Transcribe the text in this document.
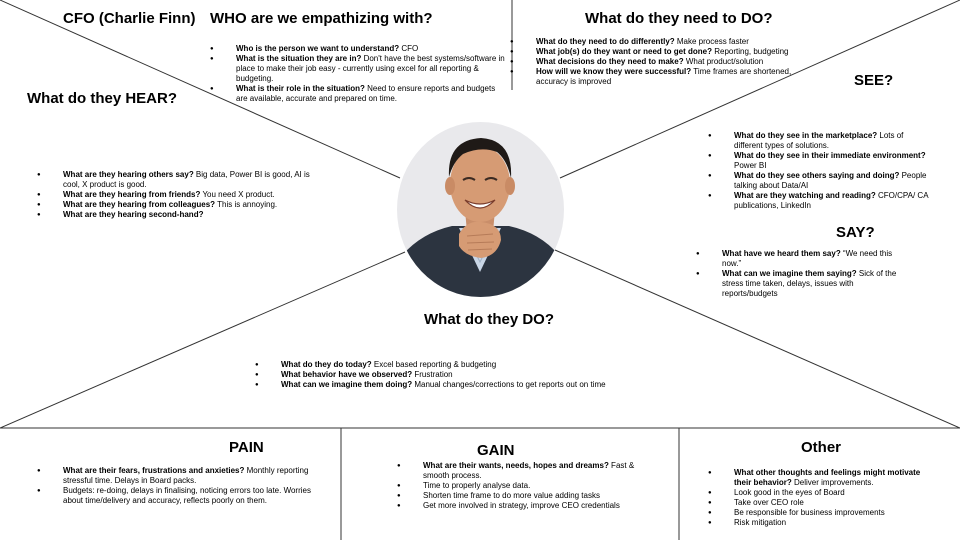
CFO (Charlie Finn) WHO are we empathizing with?
● Who is the person we want to understand? CFO
● What is the situation they are in? Don't have the best systems/software in place to make their job easy - currently using excel for all reporting & budgeting.
● What is their role in the situation? Need to ensure reports and budgets are available, accurate and prepared on time.
What do they need to DO?
● What do they need to do differently? Make process faster
● What job(s) do they want or need to get done? Reporting, budgeting
● What decisions do they need to make? What product/solution
● How will we know they were successful? Time frames are shortened, accuracy is improved
What do they HEAR?
● What are they hearing others say? Big data, Power BI is good, AI is cool, X product is good.
● What are they hearing from friends? You need X product.
● What are they hearing from colleagues? This is annoying.
● What are they hearing second-hand?
SEE?
● What do they see in the marketplace? Lots of different types of solutions.
● What do they see in their immediate environment? Power BI
● What do they see others saying and doing? People talking about Data/AI
● What are they watching and reading? CFO/CPA/ CA publications, LinkedIn
SAY?
● What have we heard them say? “We need this now.”
● What can we imagine them saying? Sick of the stress time taken, delays, issues with reports/budgets
What do they DO?
● What do they do today? Excel based reporting & budgeting
● What behavior have we observed? Frustration
● What can we imagine them doing? Manual changes/corrections to get reports out on time
PAIN
● What are their fears, frustrations and anxieties? Monthly reporting stressful time. Delays in Board packs.
● Budgets: re-doing, delays in finalising, noticing errors too late. Worries about time/delivery and accuracy, reflects poorly on them.
GAIN
● What are their wants, needs, hopes and dreams? Fast & smooth process.
● Time to properly analyse data.
● Shorten time frame to do more value adding tasks
● Get more involved in strategy, improve CEO credentials
Other
● What other thoughts and feelings might motivate their behavior? Deliver improvements.
● Look good in the eyes of Board
● Take over CEO role
● Be responsible for business improvements
● Risk mitigation
